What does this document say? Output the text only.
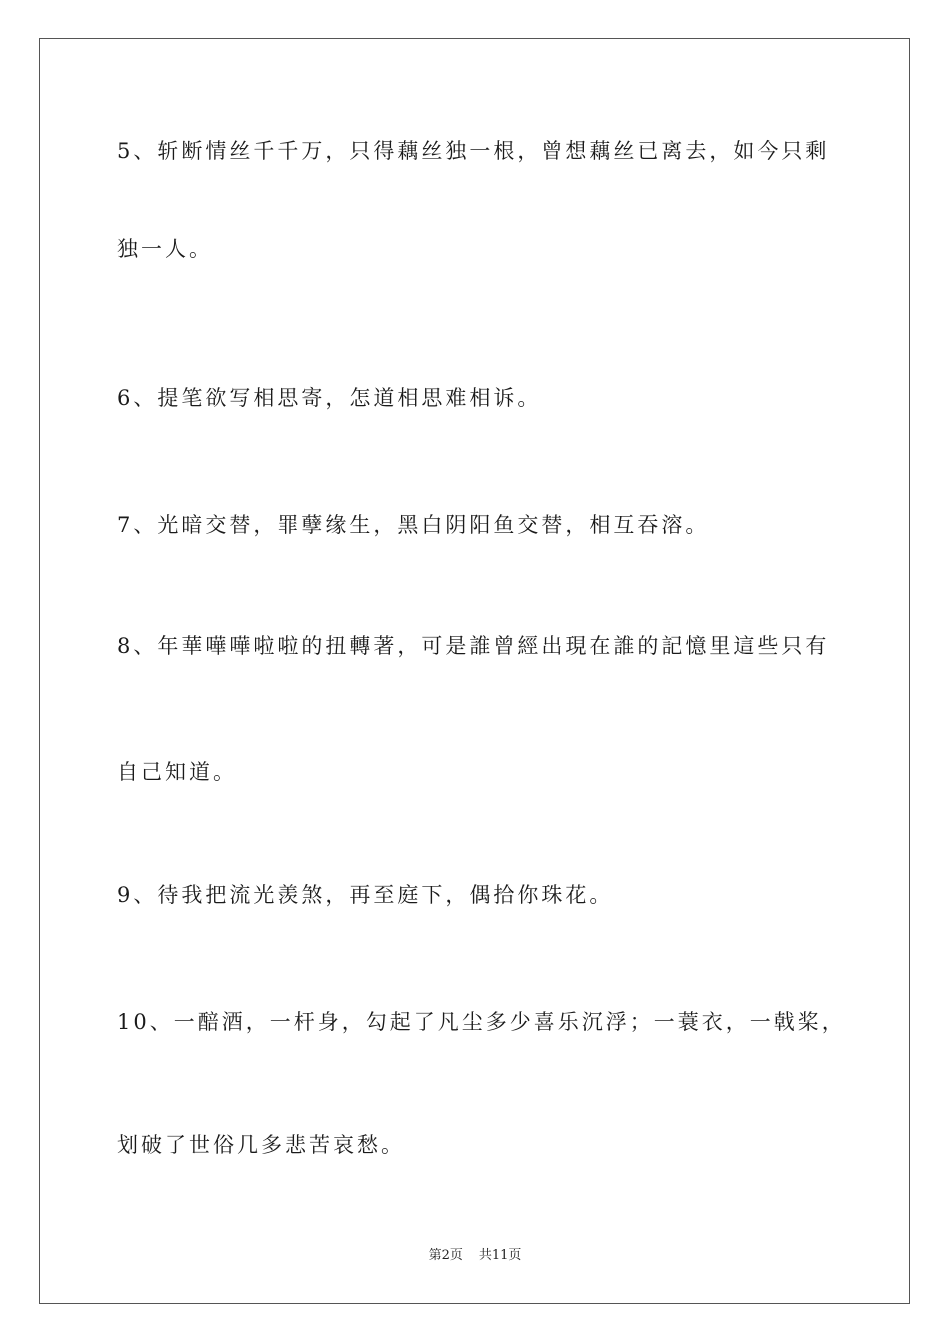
5、斩断情丝千千万，只得藕丝独一根，曾想藕丝已离去，如今只剩
独一人。
6、提笔欲写相思寄，怎道相思难相诉。
7、光暗交替，罪孽缘生，黑白阴阳鱼交替，相互吞溶。
8、年華嘩嘩啦啦的扭轉著，可是誰曾經出現在誰的記憶里這些只有
自己知道。
9、待我把流光羡煞，再至庭下，偶拾你珠花。
10、一醅酒，一杆身，勾起了凡尘多少喜乐沉浮；一蓑衣，一戟桨，
划破了世俗几多悲苦哀愁。
第2页 共11页
